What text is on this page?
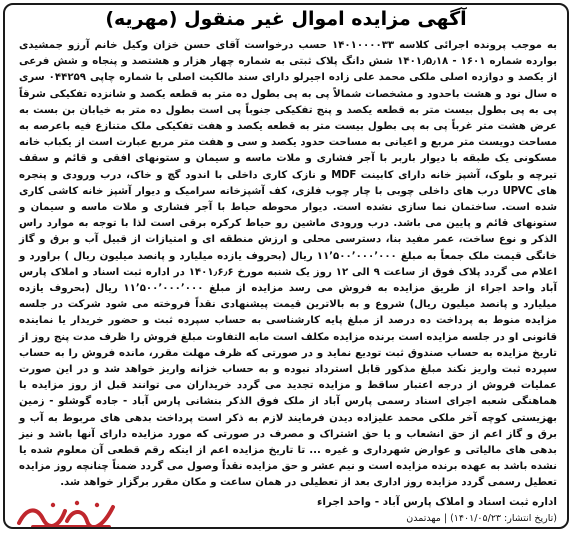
آگهی مزایده اموال غیر منقول (مهریه)

به موجب پرونده اجرائی کلاسه ۱۴۰۱۰۰۰۰۳۳ حسب درخواست آقای حسن خزان وکیل خانم آرزو جمشیدی بوارده شماره ۱۶۰۱ - ۱۴۰۱٫۵٫۱۸ شش دانگ پلاک ثبتی به شماره چهار هزار و هشتصد و پنجاه و شش فرعی از یکصد و دوازده اصلی ملکی محمد علی زاده اجیرلو دارای سند مالکیت اصلی با شماره چاپی ۰۴۴۲۵۹ سری ه سال نود و هشت باحدود و مشخصات شمالاً پی به پی بطول ده متر به قطعه یکصد و شانزده تفکیکی شرقاً پی به پی بطول بیست متر به قطعه یکصد و پنج تفکیکی جنوباً پی است بطول ده متر به خیابان بن بست به عرض هشت متر غرباً پی به پی بطول بیست متر به قطعه یکصد و هفت تفکیکی ملک متنازع فیه باعرصه به مساحت دویست متر مربع و اعیانی به مساحت حدود یکصد و سی و هفت متر مربع عبارت است از یکباب خانه مسکونی یک طبقه با دیوار باربر با آجر فشاری و ملات ماسه و سیمان و ستونهای افقی و قائم و سقف تیرچه و بلوک، آشپز خانه دارای کابینت MDF و نازک کاری داخلی با اندود گچ و خاک، درب ورودی و پنجره های UPVC درب های داخلی چوبی با چار چوب فلزی، کف آشپزخانه سرامیک و دیوار آشپز خانه کاشی کاری شده است. ساختمان نما سازی نشده است. دیوار محوطه حیاط با آجر فشاری و ملات ماسه و سیمان و ستونهای قائم و پایین می باشد. درب ورودی ماشین رو حیاط کرکره برقی است لذا با توجه به موارد راس الذکر و نوع ساخت، عمر مفید بنا، دسترسی محلی و ارزش منطقه ای و امتیازات از قبیل آب و برق و گاز خانگی قیمت ملک جمعاً به مبلغ ۱۱٬۵۰۰٬۰۰۰٬۰۰۰ ریال (بحروف یازده میلیارد و پانصد میلیون ریال ) براورد و اعلام می گردد پلاک فوق از ساعت ۹ الی ۱۲ روز یک شنبه مورخ ۱۴۰۱٫۶٫۶ در اداره ثبت اسناد و املاک پارس آباد واحد اجراء از طریق مزایده به فروش می رسد مزایده از مبلغ ۱۱٬۵۰۰٬۰۰۰٬۰۰۰ ریال (بحروف یازده میلیارد و پانصد میلیون ریال) شروع و به بالاترین قیمت پیشنهادی نقداً فروخته می شود شرکت در جلسه مزایده منوط به پرداخت ده درصد از مبلغ پایه کارشناسی به حساب سپرده ثبت و حضور خریدار یا نماینده قانونی او در جلسه مزایده است برنده مزایده مکلف است مابه التفاوت مبلغ فروش را ظرف مدت پنج روز از تاریخ مزایده به حساب صندوق ثبت تودیع نماید و در صورتی که ظرف مهلت مقرر، مانده فروش را به حساب سپرده ثبت واریز نکند مبلغ مذکور قابل استرداد نبوده و به حساب خزانه واریز خواهد شد و در این صورت عملیات فروش از درجه اعتبار ساقط و مزایده تجدید می گردد خریداران می توانند قبل از روز مزایده با هماهنگی شعبه اجرای اسناد رسمی پارس آباد از ملک فوق الذکر بنشانی پارس آباد - جاده گوشلو - زمین بهزیستی کوچه آخر ملکی محمد علیزاده دیدن فرمایند لازم به ذکر است پرداخت بدهی های مربوط به آب و برق و گاز اعم از حق انشعاب و یا حق اشتراک و مصرف در صورتی که مورد مزایده دارای آنها باشد و نیز بدهی های مالیاتی و عوارض شهرداری و غیره ... تا تاریخ مزایده اعم از اینکه رقم قطعی آن معلوم شده یا نشده باشد به عهده برنده مزایده است و نیم عشر و حق مزایده نقداً وصول می گردد ضمناً چنانچه روز مزایده تعطیل رسمی گردد مزایده روز اداری بعد از تعطیلی در همان ساعت و مکان مقرر برگزار خواهد شد.

اداره ثبت اسناد و املاک پارس آباد - واحد اجراء

(تاریخ انتشار: ۱۴۰۱/۰۵/۲۳) | مهدتمدن
